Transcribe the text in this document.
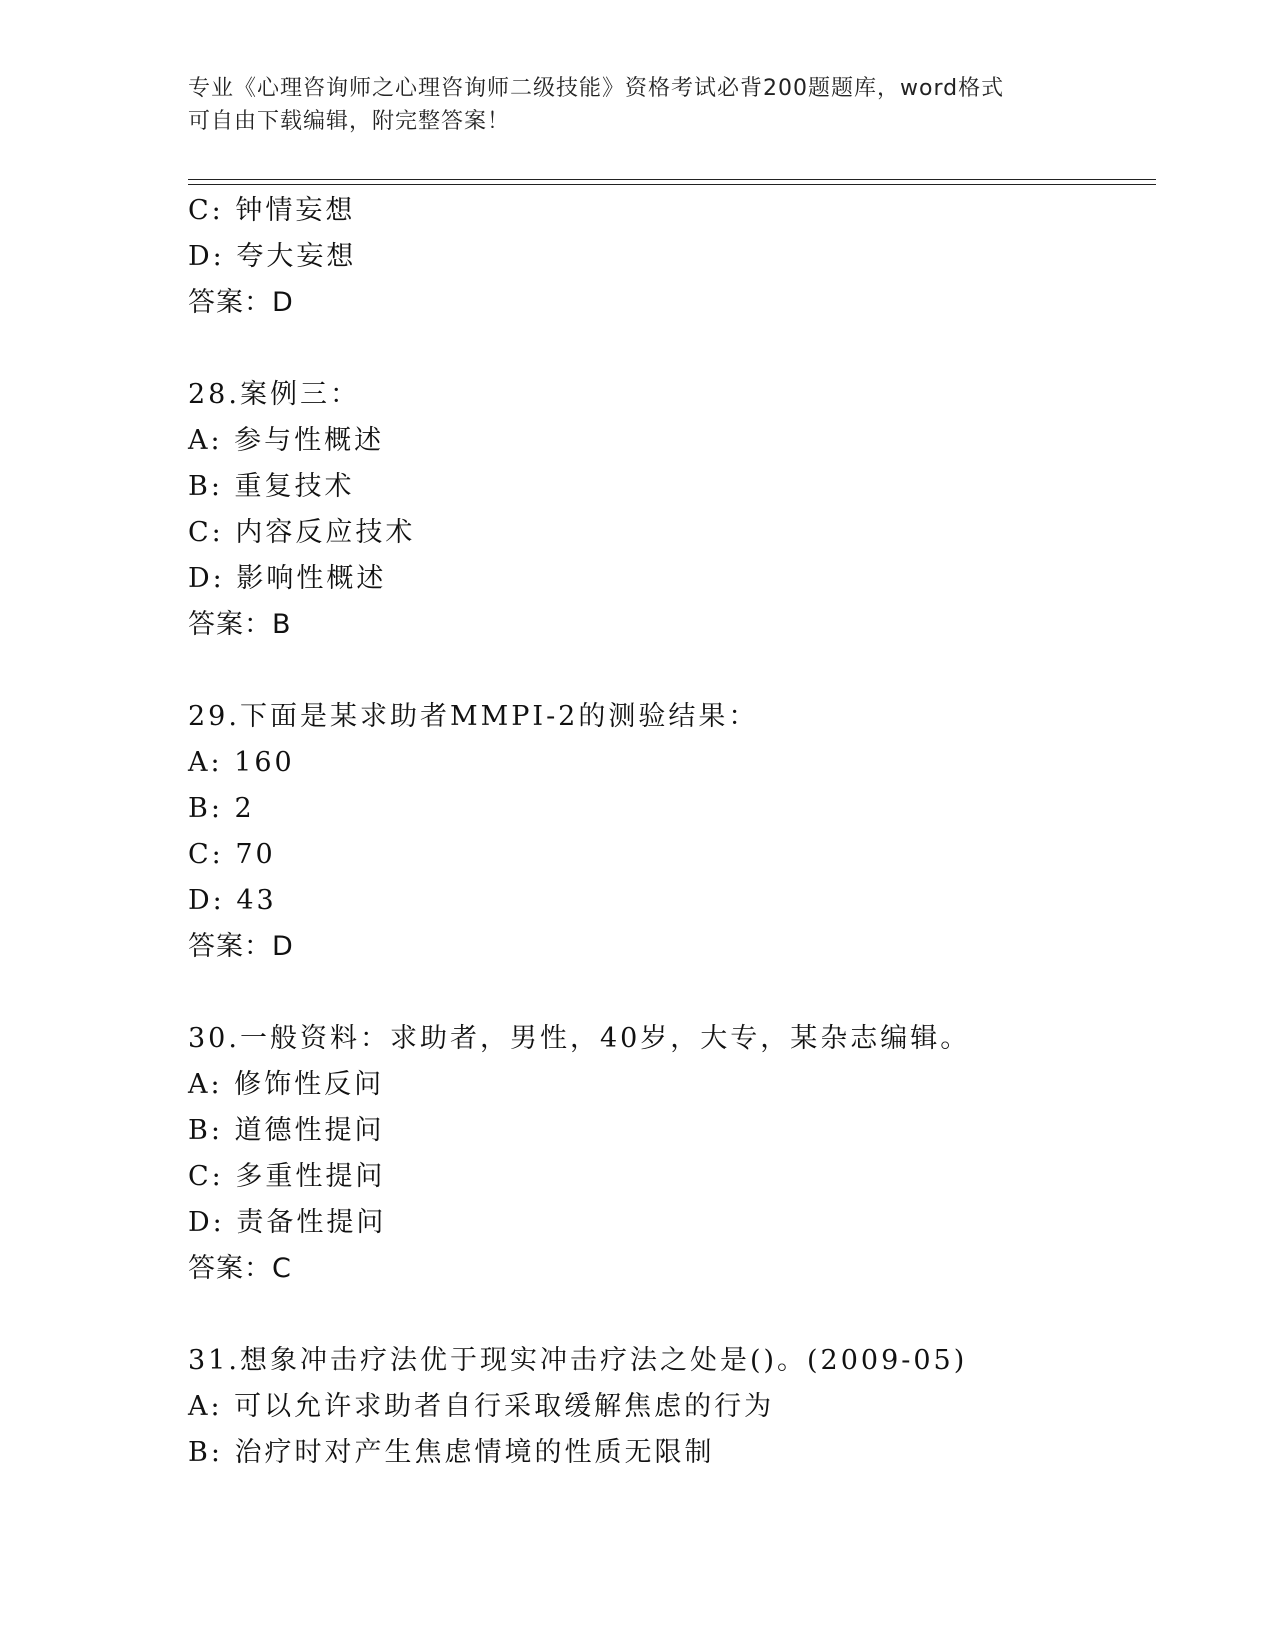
专业《心理咨询师之心理咨询师二级技能》资格考试必背200题题库，word格式
可自由下载编辑，附完整答案！
C: 钟情妄想
D: 夸大妄想
答案：D
28.案例三：
A: 参与性概述
B: 重复技术
C: 内容反应技术
D: 影响性概述
答案：B
29.下面是某求助者MMPI-2的测验结果：
A: 160
B: 2
C: 70
D: 43
答案：D
30.一般资料：求助者，男性，40岁，大专，某杂志编辑。
A: 修饰性反问
B: 道德性提问
C: 多重性提问
D: 责备性提问
答案：C
31.想象冲击疗法优于现实冲击疗法之处是()。(2009-05)
A: 可以允许求助者自行采取缓解焦虑的行为
B: 治疗时对产生焦虑情境的性质无限制
